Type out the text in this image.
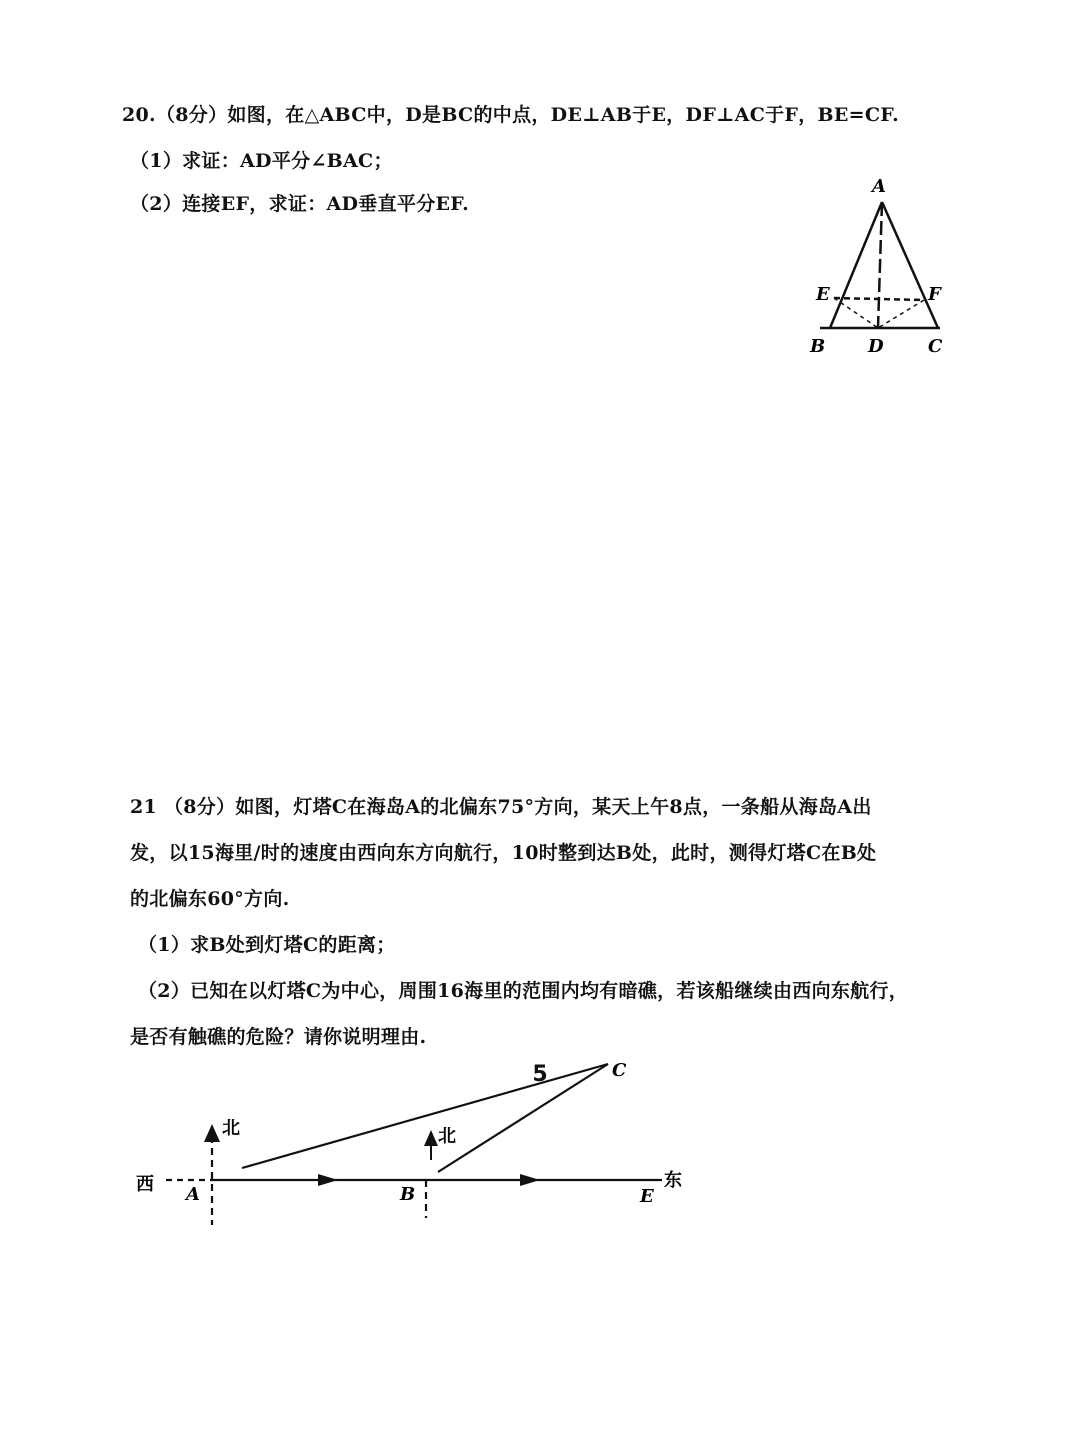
20.（8分）如图，在△ABC中，D是BC的中点，DE⊥AB于E，DF⊥AC于F，BE=CF.
（1）求证：AD平分∠BAC；
（2）连接EF，求证：AD垂直平分EF.
A
E	F
B D C
21 （8分）如图，灯塔C在海岛A的北偏东75°方向，某天上午8点，一条船从海岛A出
发，以15海里/时的速度由西向东方向航行，10时整到达B处，此时，测得灯塔C在B处
的北偏东60°方向.
（1）求B处到灯塔C的距离；
（2）已知在以灯塔C为中心，周围16海里的范围内均有暗礁，若该船继续由西向东航行，
是否有触礁的危险？请你说明理由.
北	北
西	东
A	B
C
E
5
